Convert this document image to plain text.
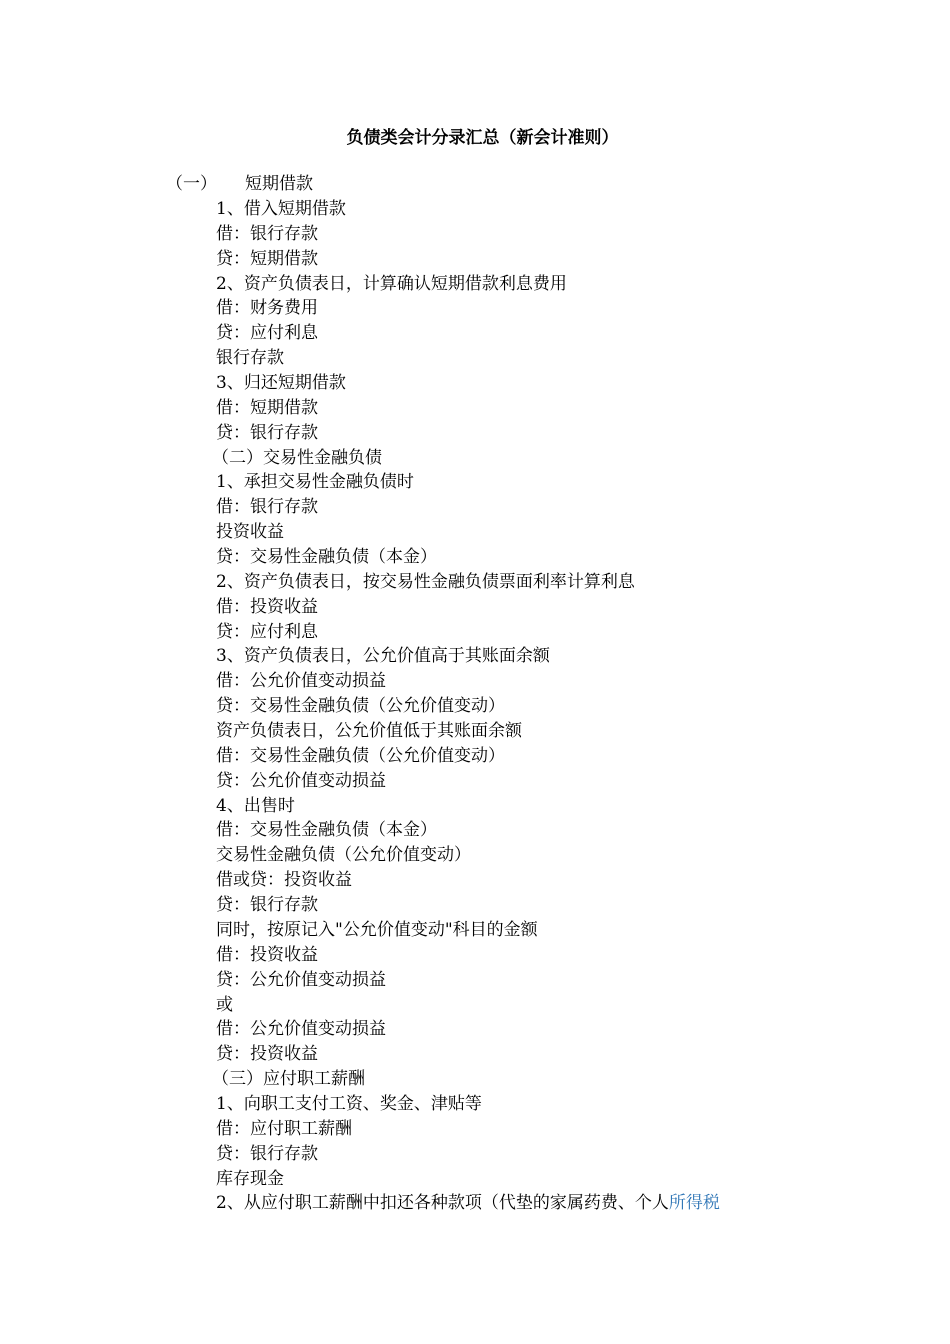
负债类会计分录汇总（新会计准则）
（一） 短期借款
1、借入短期借款
借：银行存款
贷：短期借款
2、资产负债表日，计算确认短期借款利息费用
借：财务费用
贷：应付利息
银行存款
3、归还短期借款
借：短期借款
贷：银行存款
（二）交易性金融负债
1、承担交易性金融负债时
借：银行存款
投资收益
贷：交易性金融负债（本金）
2、资产负债表日，按交易性金融负债票面利率计算利息
借：投资收益
贷：应付利息
3、资产负债表日，公允价值高于其账面余额
借：公允价值变动损益
贷：交易性金融负债（公允价值变动）
资产负债表日，公允价值低于其账面余额
借：交易性金融负债（公允价值变动）
贷：公允价值变动损益
4、出售时
借：交易性金融负债（本金）
交易性金融负债（公允价值变动）
借或贷：投资收益
贷：银行存款
同时，按原记入"公允价值变动"科目的金额
借：投资收益
贷：公允价值变动损益
或
借：公允价值变动损益
贷：投资收益
（三）应付职工薪酬
1、向职工支付工资、奖金、津贴等
借：应付职工薪酬
贷：银行存款
库存现金
2、从应付职工薪酬中扣还各种款项（代垫的家属药费、个人所得税
